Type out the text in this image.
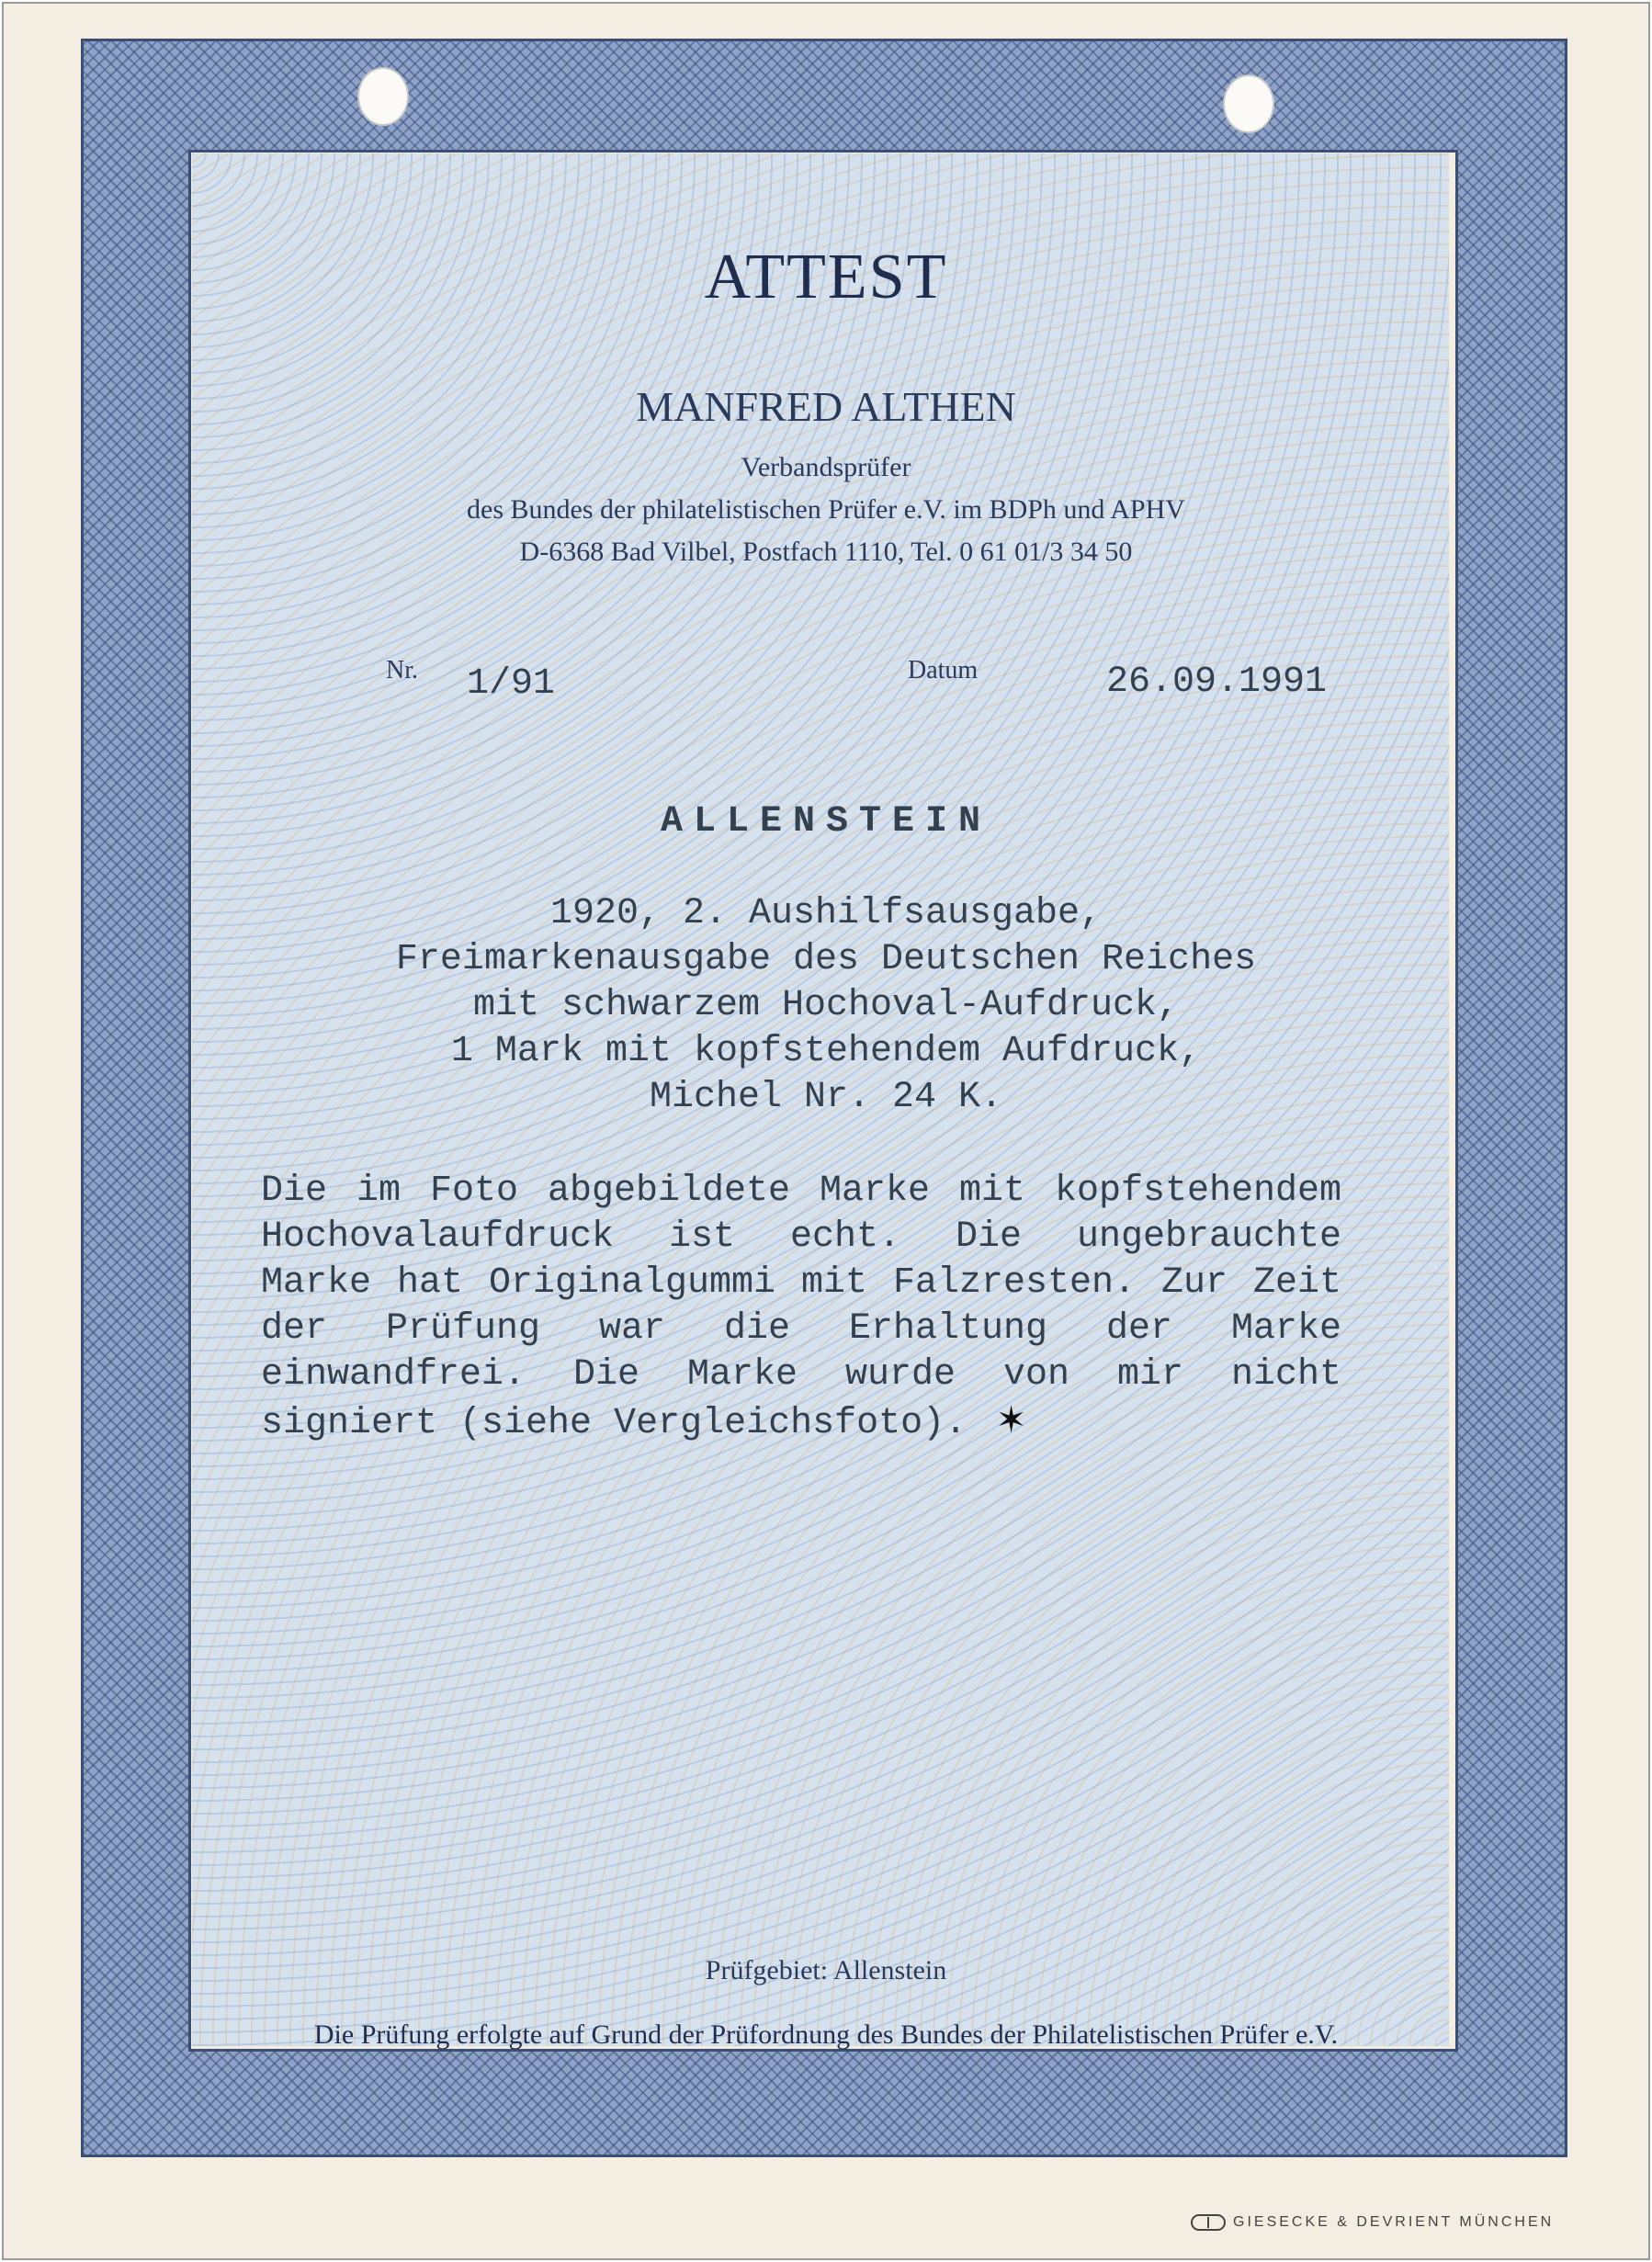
ATTEST
MANFRED ALTHEN
Verbandsprüfer
des Bundes der philatelistischen Prüfer e.V. im BDPh und APHV
D-6368 Bad Vilbel, Postfach 1110, Tel. 0 61 01/3 34 50
Nr. 1/91	Datum	26.09.1991
ALLENSTEIN
1920, 2. Aushilfsausgabe,
Freimarkenausgabe des Deutschen Reiches
mit schwarzem Hochoval-Aufdruck,
1 Mark mit kopfstehendem Aufdruck,
Michel Nr. 24 K.
Die im Foto abgebildete Marke mit kopfstehendem Hochovalaufdruck ist echt. Die ungebrauchte Marke hat Originalgummi mit Falzresten. Zur Zeit der Prüfung war die Erhaltung der Marke einwandfrei. Die Marke wurde von mir nicht signiert (siehe Vergleichsfoto). ✶
Prüfgebiet: Allenstein
Die Prüfung erfolgte auf Grund der Prüfordnung des Bundes der Philatelistischen Prüfer e.V.
GIESECKE & DEVRIENT MÜNCHEN
